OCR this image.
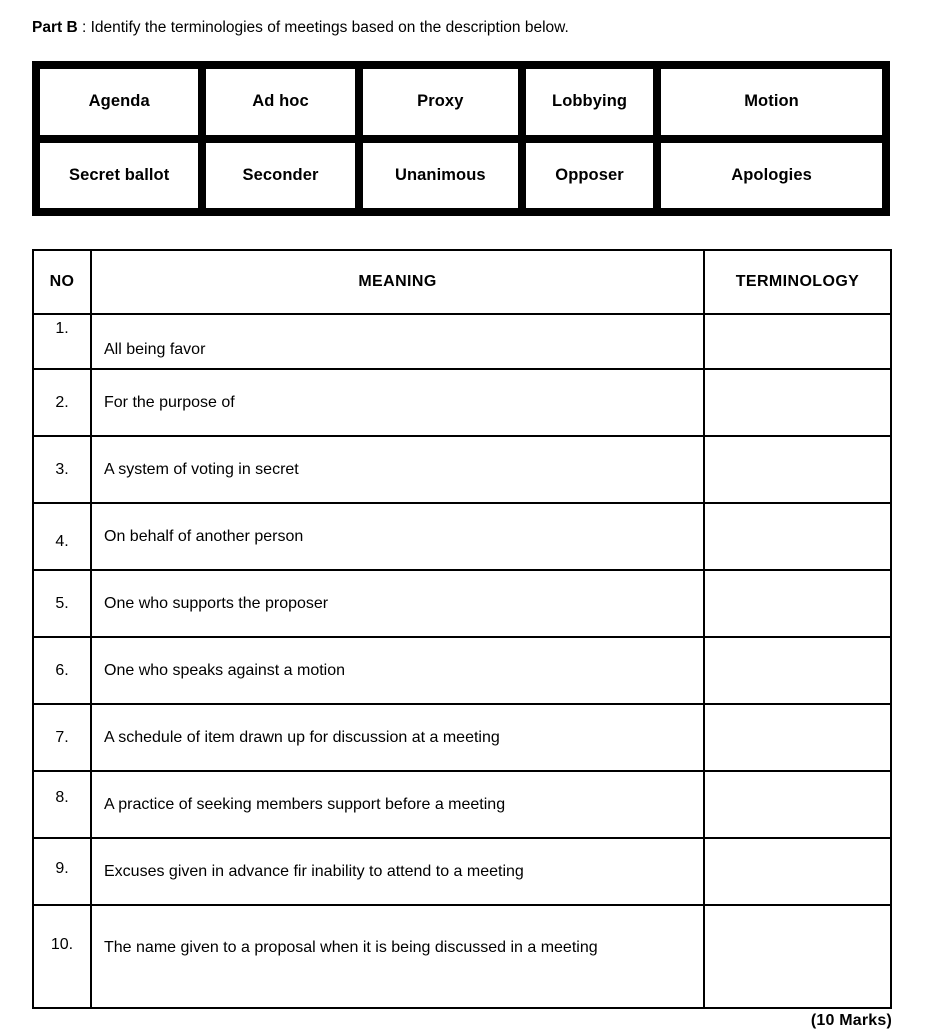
Part B : Identify the terminologies of meetings based on the description below.
Agenda	Ad hoc	Proxy	Lobbying	Motion
Secret ballot	Seconder	Unanimous	Opposer	Apologies
NO	MEANING	TERMINOLOGY
1.	All being favor	
2.	For the purpose of	
3.	A system of voting in secret	
4.	On behalf of another person	
5.	One who supports the proposer	
6.	One who speaks against a motion	
7.	A schedule of item drawn up for discussion at a meeting	
8.	A practice of seeking members support before a meeting	
9.	Excuses given in advance fir inability to attend to a meeting	
10.	The name given to a proposal when it is being discussed in a meeting	
(10 Marks)
